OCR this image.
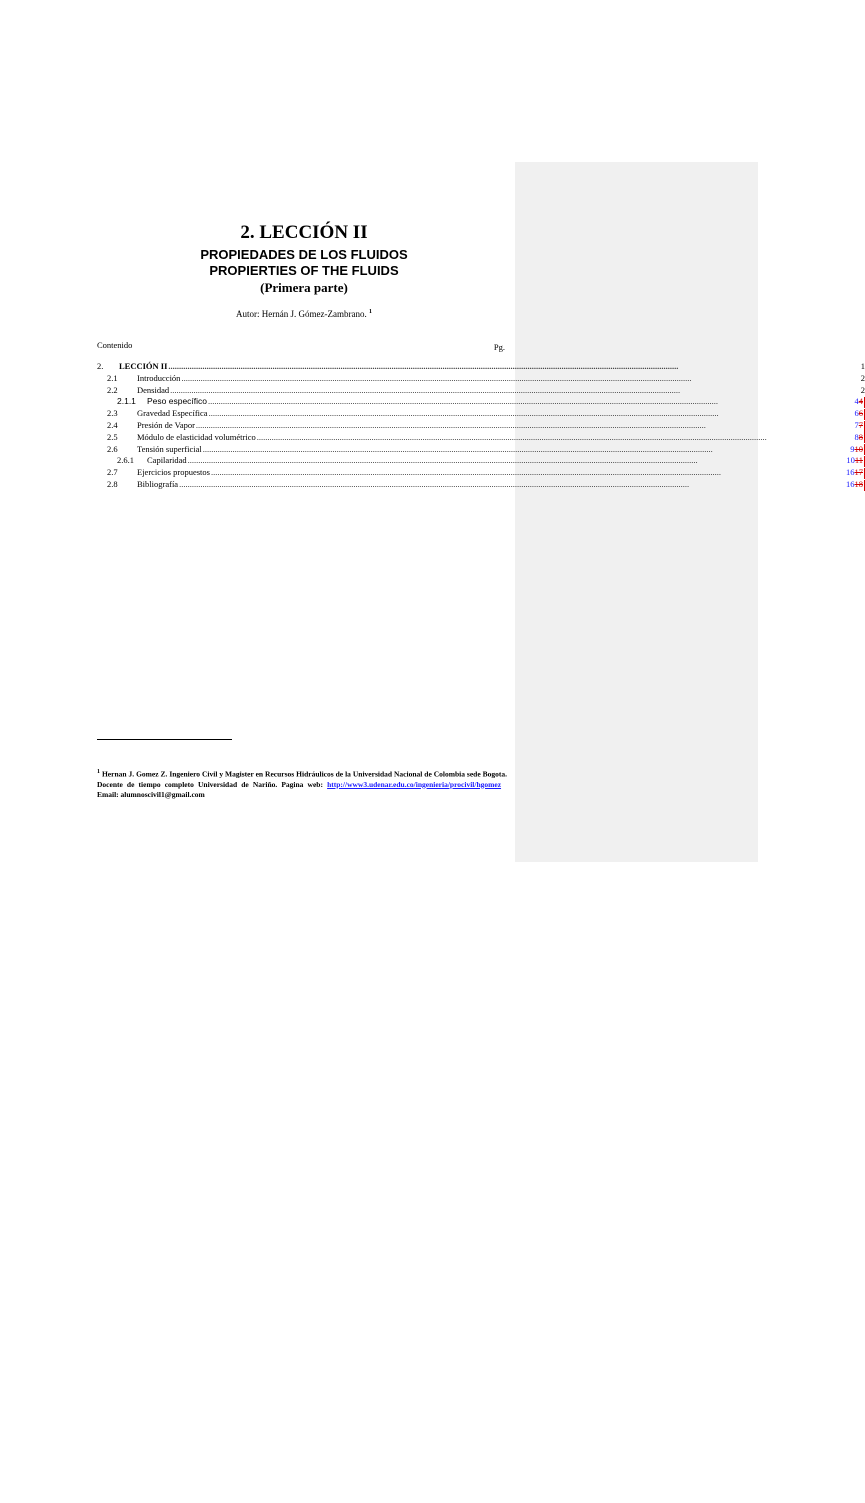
2. LECCIÓN II
PROPIEDADES DE LOS FLUIDOS
PROPIERTIES OF THE FLUIDS
(Primera parte)
Autor: Hernán J. Gómez-Zambrano. $^1$
Contenido	Pg.
2.	LECCIÓN II .....	1
2.1	Introducción .....	2
2.2	Densidad .....	2
2.1.1	Peso específico .....	44
2.3	Gravedad Específica .....	66
2.4	Presión de Vapor .....	77
2.5	Módulo de elasticidad volumétrico .....	88
2.6	Tensión superficial .....	910
2.6.1	Capilaridad .....	1011
2.7	Ejercicios propuestos .....	1617
2.8	Bibliografía .....	1618
$^1$ Hernan J. Gomez Z. Ingeniero Civil y Magister en Recursos Hidráulicos de la Universidad Nacional de Colombia sede Bogota. Docente de tiempo completo Universidad de Nariño. Pagina web: http://www3.udenar.edu.co/ingenieria/procivil/hgomez   Email: alumnoscivil1@gmail.com
